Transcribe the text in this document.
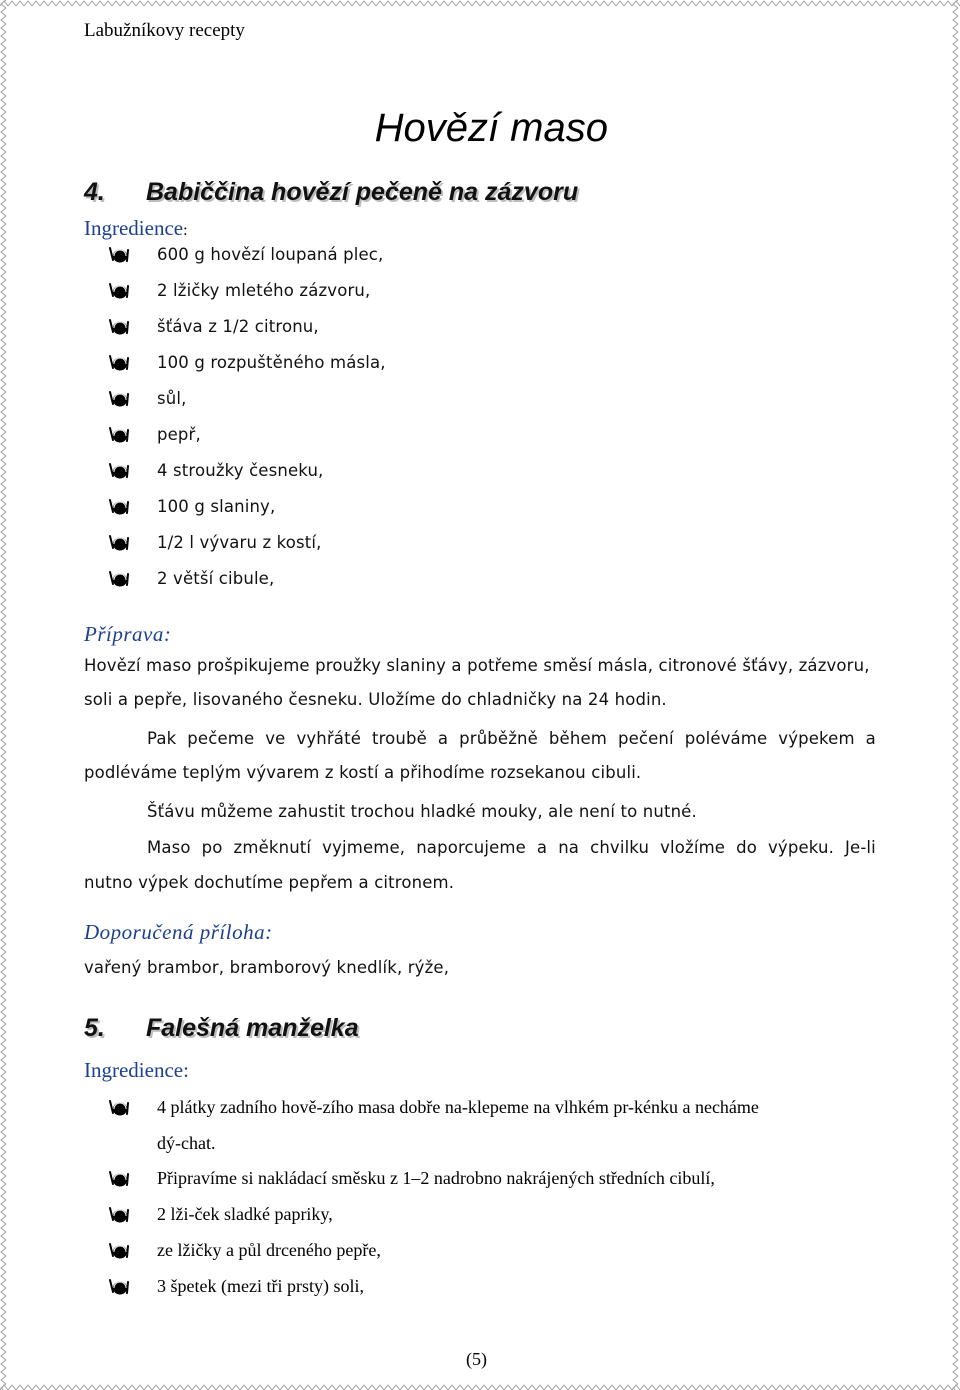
Labužníkovy recepty
Hovězí maso
4. Babiččina hovězí pečeně na zázvoru
Ingredience:
600 g hovězí loupaná plec,
2 lžičky mletého zázvoru,
šťáva z 1/2 citronu,
100 g rozpuštěného másla,
sůl,
pepř,
4 stroužky česneku,
100 g slaniny,
1/2 l vývaru z kostí,
2 větší cibule,
Příprava:
Hovězí maso prošpikujeme proužky slaniny a potřeme směsí másla, citronové šťávy, zázvoru,
soli a pepře, lisovaného česneku. Uložíme do chladničky na 24 hodin.
Pak pečeme ve vyhřáté troubě a průběžně během pečení poléváme výpekem a
podléváme teplým vývarem z kostí a přihodíme rozsekanou cibuli.
Šťávu můžeme zahustit trochou hladké mouky, ale není to nutné.
Maso po změknutí vyjmeme, naporcujeme a na chvilku vložíme do výpeku. Je-li
nutno výpek dochutíme pepřem a citronem.
Doporučená příloha:
vařený brambor, bramborový knedlík, rýže,
5. Falešná manželka
Ingredience:
4 plátky zadního hově-zího masa dobře na-klepeme na vlhkém pr-kénku a necháme
dý-chat.
Připravíme si nakládací směsku z 1–2 nadrobno nakrájených středních cibulí,
2 lži-ček sladké papriky,
ze lžičky a půl drceného pepře,
3 špetek (mezi tři prsty) soli,
(5)
